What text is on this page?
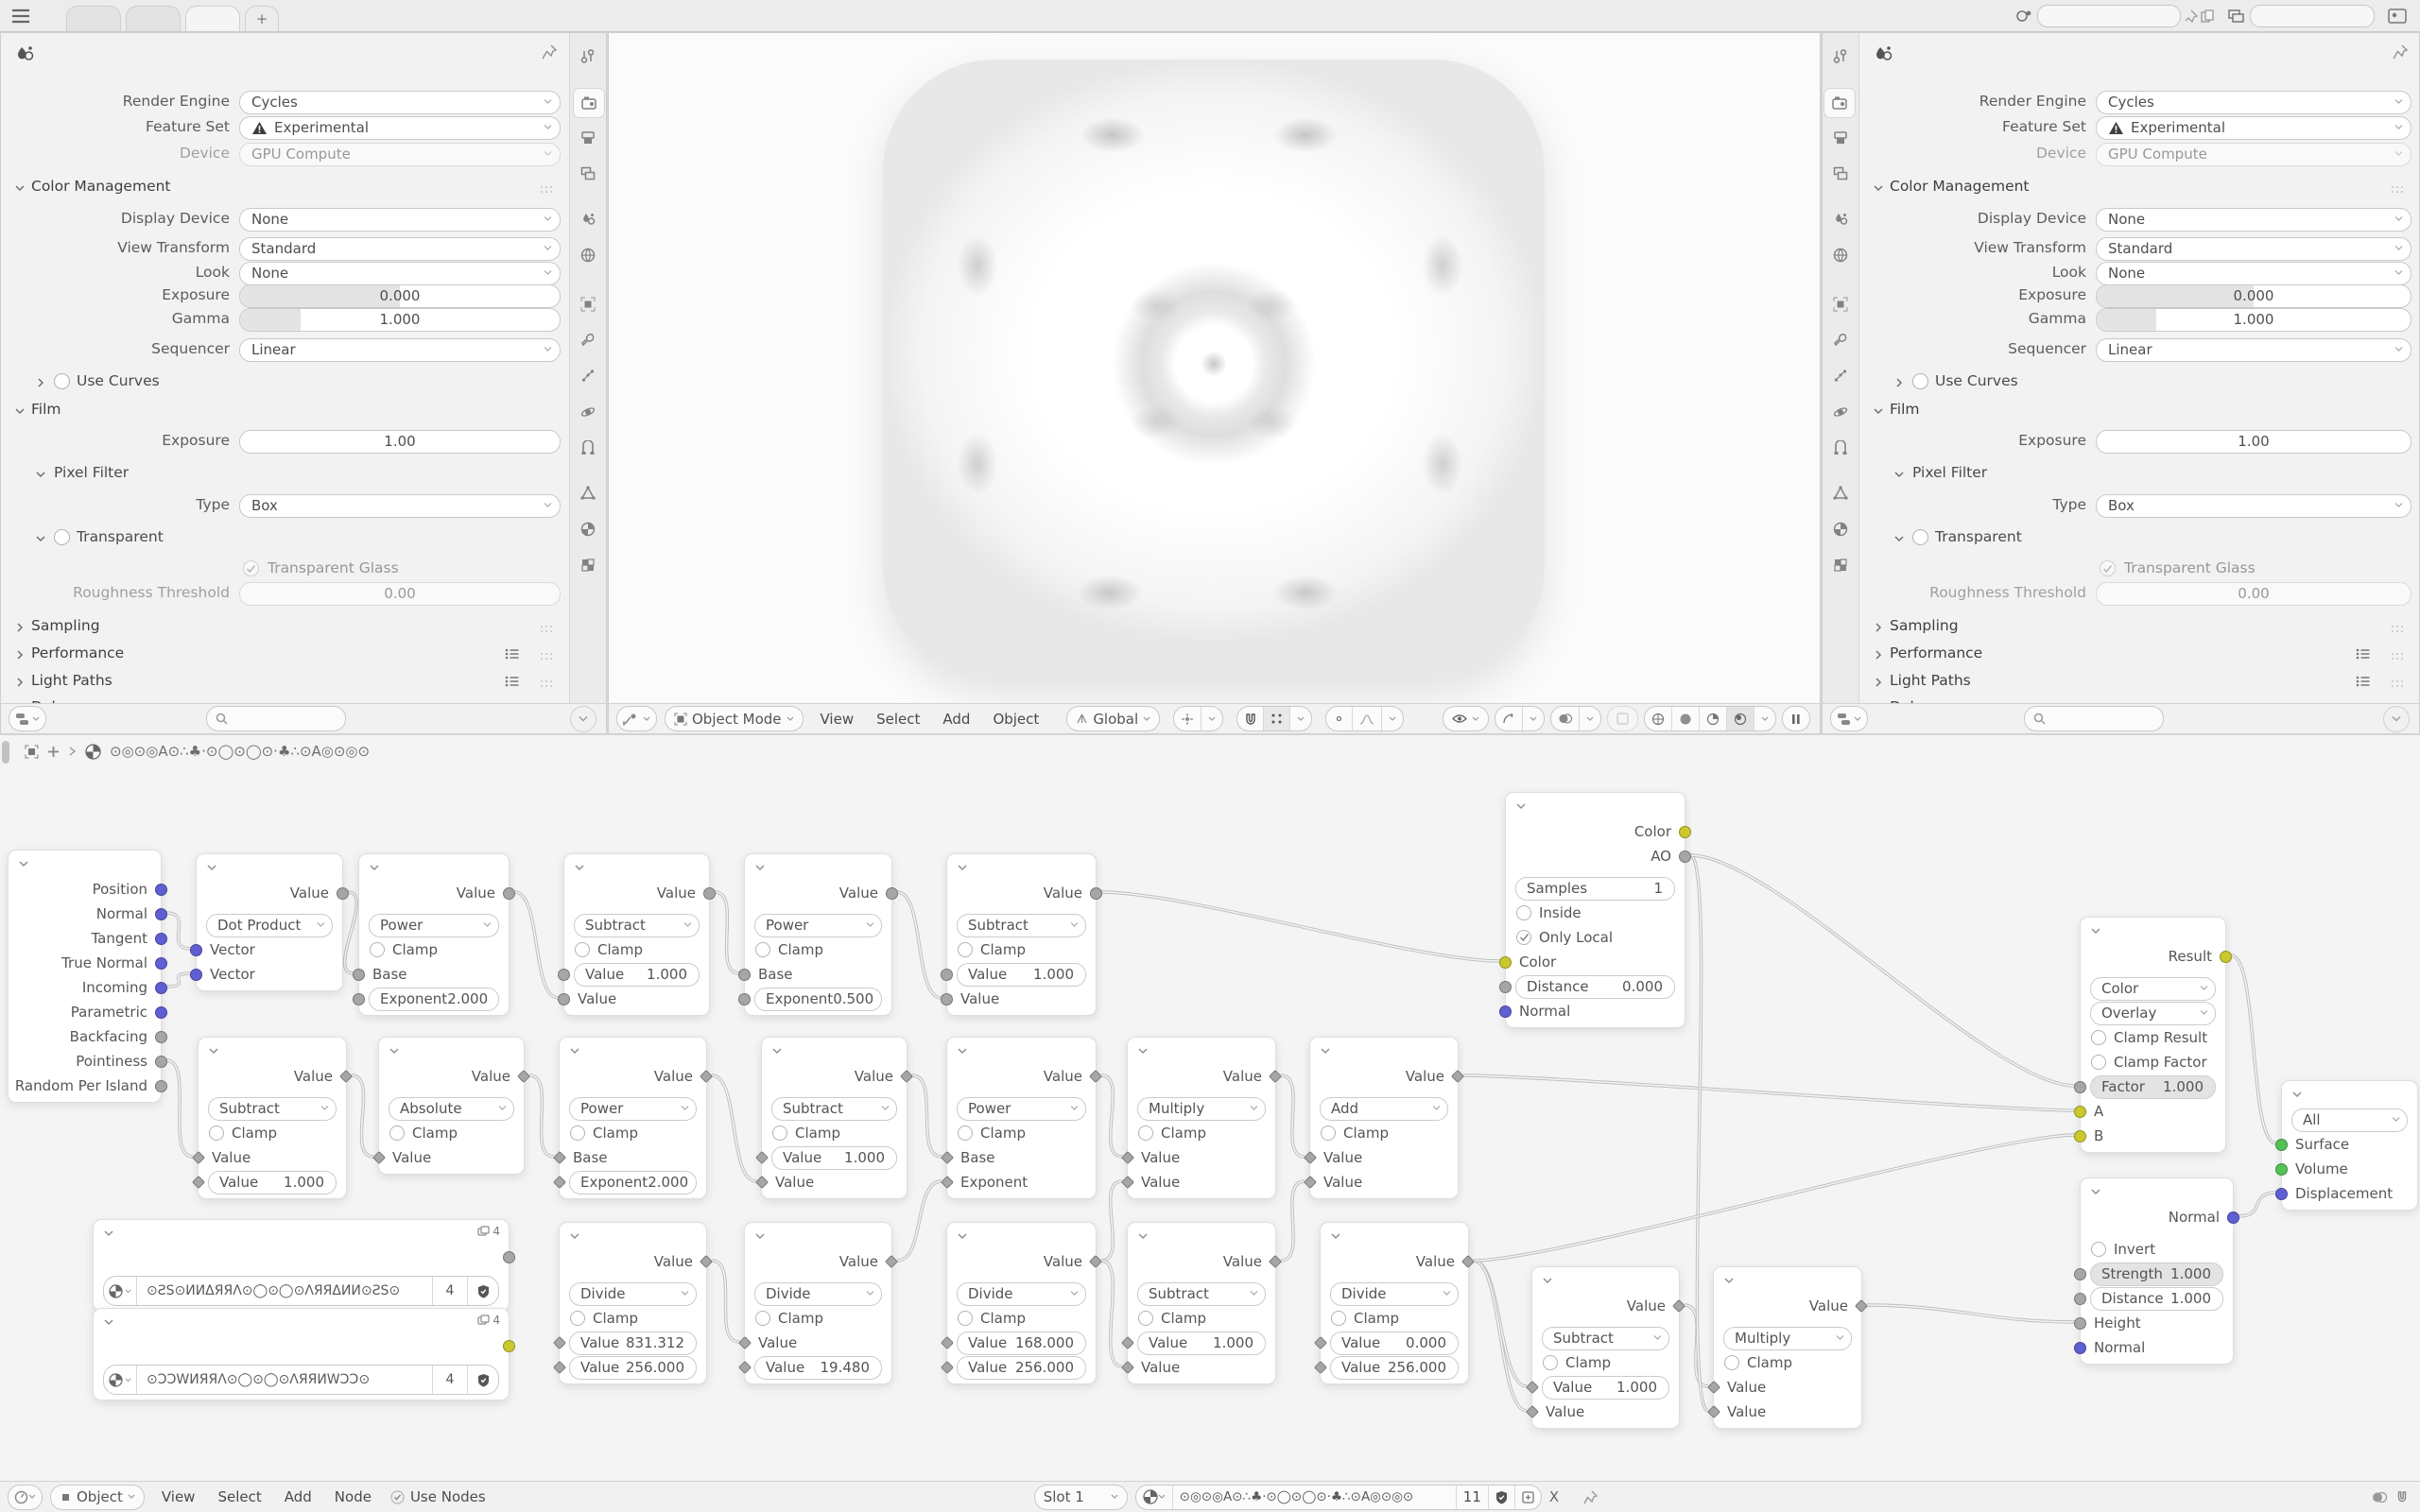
+
Render Engine Cycles
Feature Set	Experimental
Device GPU Compute
Color Management
Display Device None
View Transform Standard
Look None
Exposure	0.000
Gamma	1.000
Sequencer Linear
Use Curves
Film
Exposure	1.00
Pixel Filter
Type Box
Transparent
Transparent Glass
Roughness Threshold	0.00
Sampling
Performance
Light Paths
Object Mode	View	Select	Add	Object	Global
Render Engine Cycles
Feature Set	Experimental
Device GPU Compute
Color Management
Display Device None
View Transform Standard
Look None
Exposure	0.000
Gamma	1.000
Sequencer Linear
Use Curves
Film
Exposure	1.00
Pixel Filter
Type Box
Transparent
Transparent Glass
Roughness Threshold	0.00
Sampling
Performance
Light Paths
⊙◎⊙◎A⊙∴♣·⊙◯⊙◯⊙·♣∴⊙A◎⊙◎⊙
Position
Normal
Tangent
True Normal
Incoming
Parametric
Backfacing
Pointiness
Random Per Island
Value
Dot Product
Vector
Vector
Value
Power
Clamp
Base
Exponent 2.000
Value
Subtract
Clamp
Value 1.000
Value
Value
Power
Clamp
Base
Exponent 0.500
Value
Subtract
Clamp
Value 1.000
Value
Value
Subtract
Clamp
Value
Value 1.000
Value
Absolute
Clamp
Value
Value
Power
Clamp
Base
Exponent 2.000
Value
Subtract
Clamp
Value 1.000
Value
Value
Power
Clamp
Base
Exponent
Value
Multiply
Clamp
Value
Value
Value
Add
Clamp
Value
Value
4
⊙ƧS⊙ИИΔЯЯΛ⊙◯⊙◯⊙ΛЯЯΔИИ⊙ƧS⊙	4
4
⊙ƆϽWИЯЯΛ⊙◯⊙◯⊙ΛЯЯИWϽƆ⊙	4
Value
Divide
Clamp
Value 831.312
Value 256.000
Value
Divide
Clamp
Value
Value 19.480
Value
Divide
Clamp
Value 168.000
Value 256.000
Value
Subtract
Clamp
Value 1.000
Value
Value
Divide
Clamp
Value 0.000
Value 256.000
Value
Subtract
Clamp
Value 1.000
Value
Value
Multiply
Clamp
Value
Value
Color
AO
Samples	1
Inside
Only Local
Color
Distance 0.000
Normal
Result
Color
Overlay
Clamp Result
Clamp Factor
Factor 1.000
A
B
Normal
Invert
Strength 1.000
Distance 1.000
Height
Normal
All
Surface
Volume
Displacement
Object	View	Select	Add	Node	Use Nodes	Slot 1	⊙◎⊙◎A⊙∴♣·⊙◯⊙◯⊙·♣∴⊙A◎⊙◎⊙	11	X
